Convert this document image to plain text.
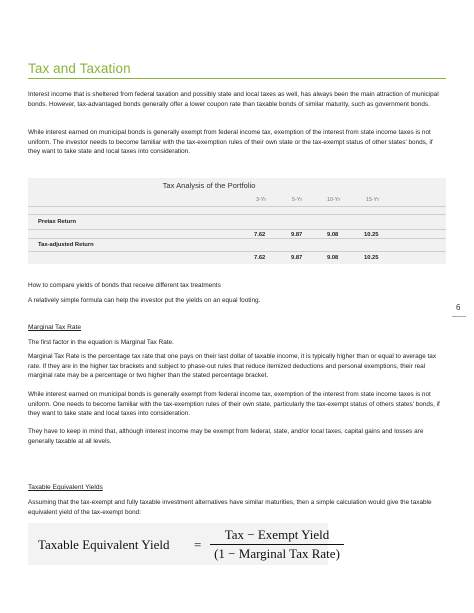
Tax and Taxation

Interest income that is sheltered from federal taxation and possibly state and local taxes as well, has always been the main attraction of municipal bonds. However, tax-advantaged bonds generally offer a lower coupon rate than taxable bonds of similar maturity, such as government bonds.

While interest earned on municipal bonds is generally exempt from federal income tax, exemption of the interest from state income taxes is not uniform. The investor needs to become familiar with the tax-exemption rules of their own state or the tax-exempt status of other states' bonds, if they want to take state and local taxes into consideration.

Tax Analysis of the Portfolio
3-Yr	5-Yr	10-Yr	15-Yr
Pretax Return
7.62	9.87	9.08	10.25
Tax-adjusted Return
7.62	9.87	9.08	10.25

How to compare yields of bonds that receive different tax treatments

A relatively simple formula can help the investor put the yields on an equal footing.

6
Marginal Tax Rate

The first factor in the equation is Marginal Tax Rate.

Marginal Tax Rate is the percentage tax rate that one pays on their last dollar of taxable income, it is typically higher than or equal to average tax rate. If they are in the higher tax brackets and subject to phase-out rules that reduce itemized deductions and personal exemptions, their real marginal rate may be a percentage or two higher than the stated percentage bracket.

While interest earned on municipal bonds is generally exempt from federal income tax, exemption of the interest from state income taxes is not uniform. One needs to become familiar with the tax-exemption rules of their own state, particularly the tax-exempt status of others states' bonds, if they want to take state and local taxes into consideration.

They have to keep in mind that, although interest income may be exempt from federal, state, and/or local taxes, capital gains and losses are generally taxable at all levels.

Taxable Equivalent Yields

Assuming that the tax-exempt and fully taxable investment alternatives have similar maturities, then a simple calculation would give the taxable equivalent yield of the tax-exempt bond:

Taxable Equivalent Yield =
Tax − Exempt Yield
(1 − Marginal Tax Rate)
